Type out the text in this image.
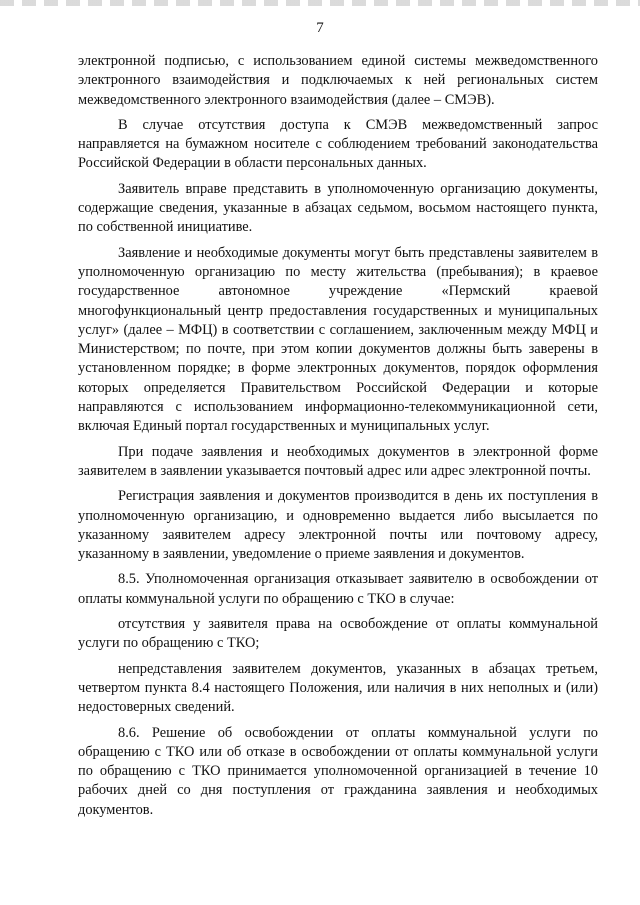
7

электронной подписью, с использованием единой системы межведомственного электронного взаимодействия и подключаемых к ней региональных систем межведомственного электронного взаимодействия (далее – СМЭВ).

В случае отсутствия доступа к СМЭВ межведомственный запрос направляется на бумажном носителе с соблюдением требований законодательства Российской Федерации в области персональных данных.

Заявитель вправе представить в уполномоченную организацию документы, содержащие сведения, указанные в абзацах седьмом, восьмом настоящего пункта, по собственной инициативе.

Заявление и необходимые документы могут быть представлены заявителем в уполномоченную организацию по месту жительства (пребывания); в краевое государственное автономное учреждение «Пермский краевой многофункциональный центр предоставления государственных и муниципальных услуг» (далее – МФЦ) в соответствии с соглашением, заключенным между МФЦ и Министерством; по почте, при этом копии документов должны быть заверены в установленном порядке; в форме электронных документов, порядок оформления которых определяется Правительством Российской Федерации и которые направляются с использованием информационно-телекоммуникационной сети, включая Единый портал государственных и муниципальных услуг.

При подаче заявления и необходимых документов в электронной форме заявителем в заявлении указывается почтовый адрес или адрес электронной почты.

Регистрация заявления и документов производится в день их поступления в уполномоченную организацию, и одновременно выдается либо высылается по указанному заявителем адресу электронной почты или почтовому адресу, указанному в заявлении, уведомление о приеме заявления и документов.

8.5. Уполномоченная организация отказывает заявителю в освобождении от оплаты коммунальной услуги по обращению с ТКО в случае:

отсутствия у заявителя права на освобождение от оплаты коммунальной услуги по обращению с ТКО;

непредставления заявителем документов, указанных в абзацах третьем, четвертом пункта 8.4 настоящего Положения, или наличия в них неполных и (или) недостоверных сведений.

8.6. Решение об освобождении от оплаты коммунальной услуги по обращению с ТКО или об отказе в освобождении от оплаты коммунальной услуги по обращению с ТКО принимается уполномоченной организацией в течение 10 рабочих дней со дня поступления от гражданина заявления и необходимых документов.
